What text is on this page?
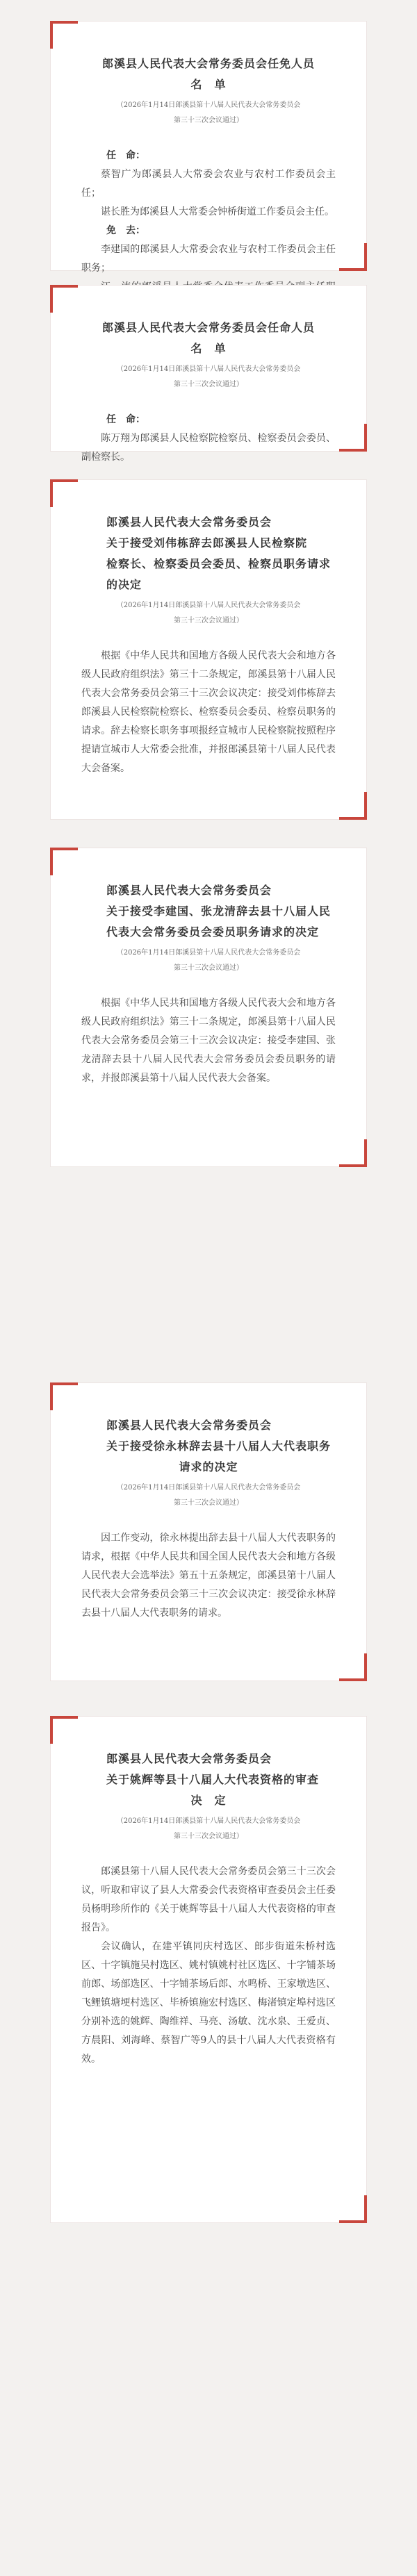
郎溪县人民代表大会常务委员会任免人员

名　单

（2026年1月14日郎溪县第十八届人民代表大会常务委员会
第三十三次会议通过）

任　命：

蔡智广为郎溪县人大常委会农业与农村工作委员会主任；

谌长胜为郎溪县人大常委会钟桥街道工作委员会主任。

免　去：

李建国的郎溪县人大常委会农业与农村工作委员会主任职务；

郎溪县人民代表大会常务委员会任命人员

名　单

（2026年1月14日郎溪县第十八届人民代表大会常务委员会
第三十三次会议通过）

任　命：

陈万翔为郎溪县人民检察院检察员、检察委员会委员、副检察长。

郎溪县人民代表大会常务委员会

关于接受刘伟栋辞去郎溪县人民检察院

检察长、检察委员会委员、检察员职务请求

的决定

（2026年1月14日郎溪县第十八届人民代表大会常务委员会
第三十三次会议通过）

根据《中华人民共和国地方各级人民代表大会和地方各级人民政府组织法》第三十二条规定，郎溪县第十八届人民代表大会常务委员会第三十三次会议决定：接受刘伟栋辞去郎溪县人民检察院检察长、检察委员会委员、检察员职务的请求。辞去检察长职务事项报经宣城市人民检察院按照程序提请宣城市人大常委会批准，并报郎溪县第十八届人民代表大会备案。

郎溪县人民代表大会常务委员会

关于接受李建国、张龙清辞去县十八届人民

代表大会常务委员会委员职务请求的决定

（2026年1月14日郎溪县第十八届人民代表大会常务委员会
第三十三次会议通过）

根据《中华人民共和国地方各级人民代表大会和地方各级人民政府组织法》第三十二条规定，郎溪县第十八届人民代表大会常务委员会第三十三次会议决定：接受李建国、张龙清辞去县十八届人民代表大会常务委员会委员职务的请求，并报郎溪县第十八届人民代表大会备案。

郎溪县人民代表大会常务委员会

关于接受徐永林辞去县十八届人大代表职务

请求的决定

（2026年1月14日郎溪县第十八届人民代表大会常务委员会
第三十三次会议通过）

因工作变动，徐永林提出辞去县十八届人大代表职务的请求，根据《中华人民共和国全国人民代表大会和地方各级人民代表大会选举法》第五十五条规定，郎溪县第十八届人民代表大会常务委员会第三十三次会议决定：接受徐永林辞去县十八届人大代表职务的请求。

郎溪县人民代表大会常务委员会

关于姚辉等县十八届人大代表资格的审查

决　定

（2026年1月14日郎溪县第十八届人民代表大会常务委员会
第三十三次会议通过）

郎溪县第十八届人民代表大会常务委员会第三十三次会议，听取和审议了县人大常委会代表资格审查委员会主任委员杨明珍所作的《关于姚辉等县十八届人大代表资格的审查报告》。

会议确认，在建平镇同庆村选区、郎步街道朱桥村选区、十字镇施吴村选区、姚村镇姚村社区选区、十字铺茶场前郎、场部选区、十字铺茶场后郎、水鸣桥、王家墩选区、飞鲤镇塘埂村选区、毕桥镇施宏村选区、梅渚镇定埠村选区分别补选的姚辉、陶维祥、马亮、汤敏、沈水泉、王爱贞、方晨阳、刘海峰、蔡智广等9人的县十八届人大代表资格有效。
